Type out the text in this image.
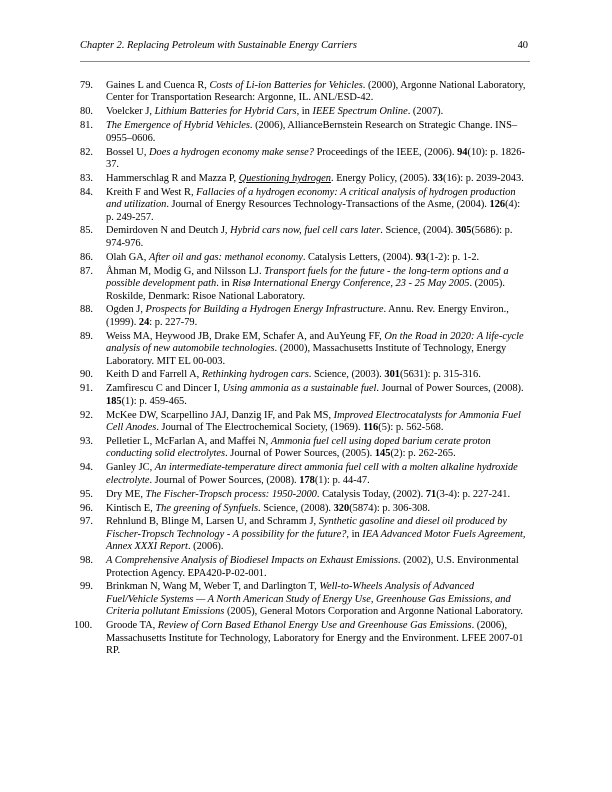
Chapter 2. Replacing Petroleum with Sustainable Energy Carriers	40
79. Gaines L and Cuenca R, Costs of Li-ion Batteries for Vehicles. (2000), Argonne National Laboratory, Center for Transportation Research: Argonne, IL. ANL/ESD-42.
80. Voelcker J, Lithium Batteries for Hybrid Cars, in IEEE Spectrum Online. (2007).
81. The Emergence of Hybrid Vehicles. (2006), AllianceBernstein Research on Strategic Change. INS–0955–0606.
82. Bossel U, Does a hydrogen economy make sense? Proceedings of the IEEE, (2006). 94(10): p. 1826-37.
83. Hammerschlag R and Mazza P, Questioning hydrogen. Energy Policy, (2005). 33(16): p. 2039-2043.
84. Kreith F and West R, Fallacies of a hydrogen economy: A critical analysis of hydrogen production and utilization. Journal of Energy Resources Technology-Transactions of the Asme, (2004). 126(4): p. 249-257.
85. Demirdoven N and Deutch J, Hybrid cars now, fuel cell cars later. Science, (2004). 305(5686): p. 974-976.
86. Olah GA, After oil and gas: methanol economy. Catalysis Letters, (2004). 93(1-2): p. 1-2.
87. Åhman M, Modig G, and Nilsson LJ. Transport fuels for the future - the long-term options and a possible development path. in Risø International Energy Conference, 23 - 25 May 2005. (2005). Roskilde, Denmark: Risoe National Laboratory.
88. Ogden J, Prospects for Building a Hydrogen Energy Infrastructure. Annu. Rev. Energy Environ., (1999). 24: p. 227-79.
89. Weiss MA, Heywood JB, Drake EM, Schafer A, and AuYeung FF, On the Road in 2020: A life-cycle analysis of new automobile technologies. (2000), Massachusetts Institute of Technology, Energy Laboratory. MIT EL 00-003.
90. Keith D and Farrell A, Rethinking hydrogen cars. Science, (2003). 301(5631): p. 315-316.
91. Zamfirescu C and Dincer I, Using ammonia as a sustainable fuel. Journal of Power Sources, (2008). 185(1): p. 459-465.
92. McKee DW, Scarpellino JAJ, Danzig IF, and Pak MS, Improved Electrocatalysts for Ammonia Fuel Cell Anodes. Journal of The Electrochemical Society, (1969). 116(5): p. 562-568.
93. Pelletier L, McFarlan A, and Maffei N, Ammonia fuel cell using doped barium cerate proton conducting solid electrolytes. Journal of Power Sources, (2005). 145(2): p. 262-265.
94. Ganley JC, An intermediate-temperature direct ammonia fuel cell with a molten alkaline hydroxide electrolyte. Journal of Power Sources, (2008). 178(1): p. 44-47.
95. Dry ME, The Fischer-Tropsch process: 1950-2000. Catalysis Today, (2002). 71(3-4): p. 227-241.
96. Kintisch E, The greening of Synfuels. Science, (2008). 320(5874): p. 306-308.
97. Rehnlund B, Blinge M, Larsen U, and Schramm J, Synthetic gasoline and diesel oil produced by Fischer-Tropsch Technology - A possibility for the future?, in IEA Advanced Motor Fuels Agreement, Annex XXXI Report. (2006).
98. A Comprehensive Analysis of Biodiesel Impacts on Exhaust Emissions. (2002), U.S. Environmental Protection Agency. EPA420-P-02-001.
99. Brinkman N, Wang M, Weber T, and Darlington T, Well-to-Wheels Analysis of Advanced Fuel/Vehicle Systems — A North American Study of Energy Use, Greenhouse Gas Emissions, and Criteria pollutant Emissions (2005), General Motors Corporation and Argonne National Laboratory.
100. Groode TA, Review of Corn Based Ethanol Energy Use and Greenhouse Gas Emissions. (2006), Massachusetts Institute for Technology, Laboratory for Energy and the Environment. LFEE 2007-01 RP.
